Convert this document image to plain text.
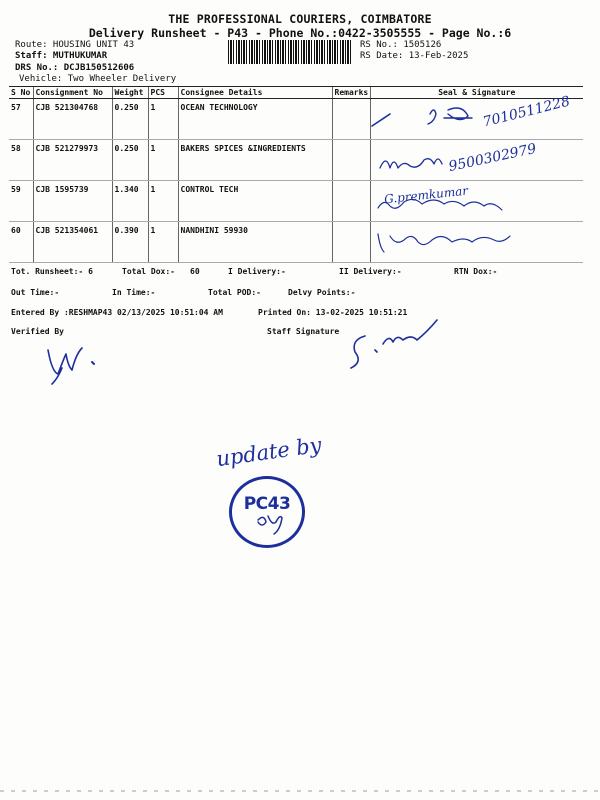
THE PROFESSIONAL COURIERS, COIMBATORE
Delivery Runsheet - P43 - Phone No.:0422-3505555 - Page No.:6
Route: HOUSING UNIT 43
Staff: MUTHUKUMAR
DRS No.: DCJB150512606
Vehicle: Two Wheeler Delivery
RS No.: 1505126
RS Date: 13-Feb-2025
S No	Consignment No	Weight	PCS	Consignee Details	Remarks	Seal & Signature
57	CJB 521304768	0.250	1	OCEAN TECHNOLOGY		
58	CJB 521279973	0.250	1	BAKERS SPICES &INGREDIENTS		
59	CJB 1595739	1.340	1	CONTROL TECH		
60	CJB 521354061	0.390	1	NANDHINI 59930		
7010511228
9500302979
G.premkumar
Tot. Runsheet:- 6	Total Dox:- 60	I Delivery:-	II Delivery:-	RTN Dox:-
Out Time:-	In Time:-	Total POD:-	Delvy Points:-
Entered By :RESHMAP43 02/13/2025 10:51:04 AM	Printed On: 13-02-2025 10:51:21
Verified By	Staff Signature
update by
PC43
